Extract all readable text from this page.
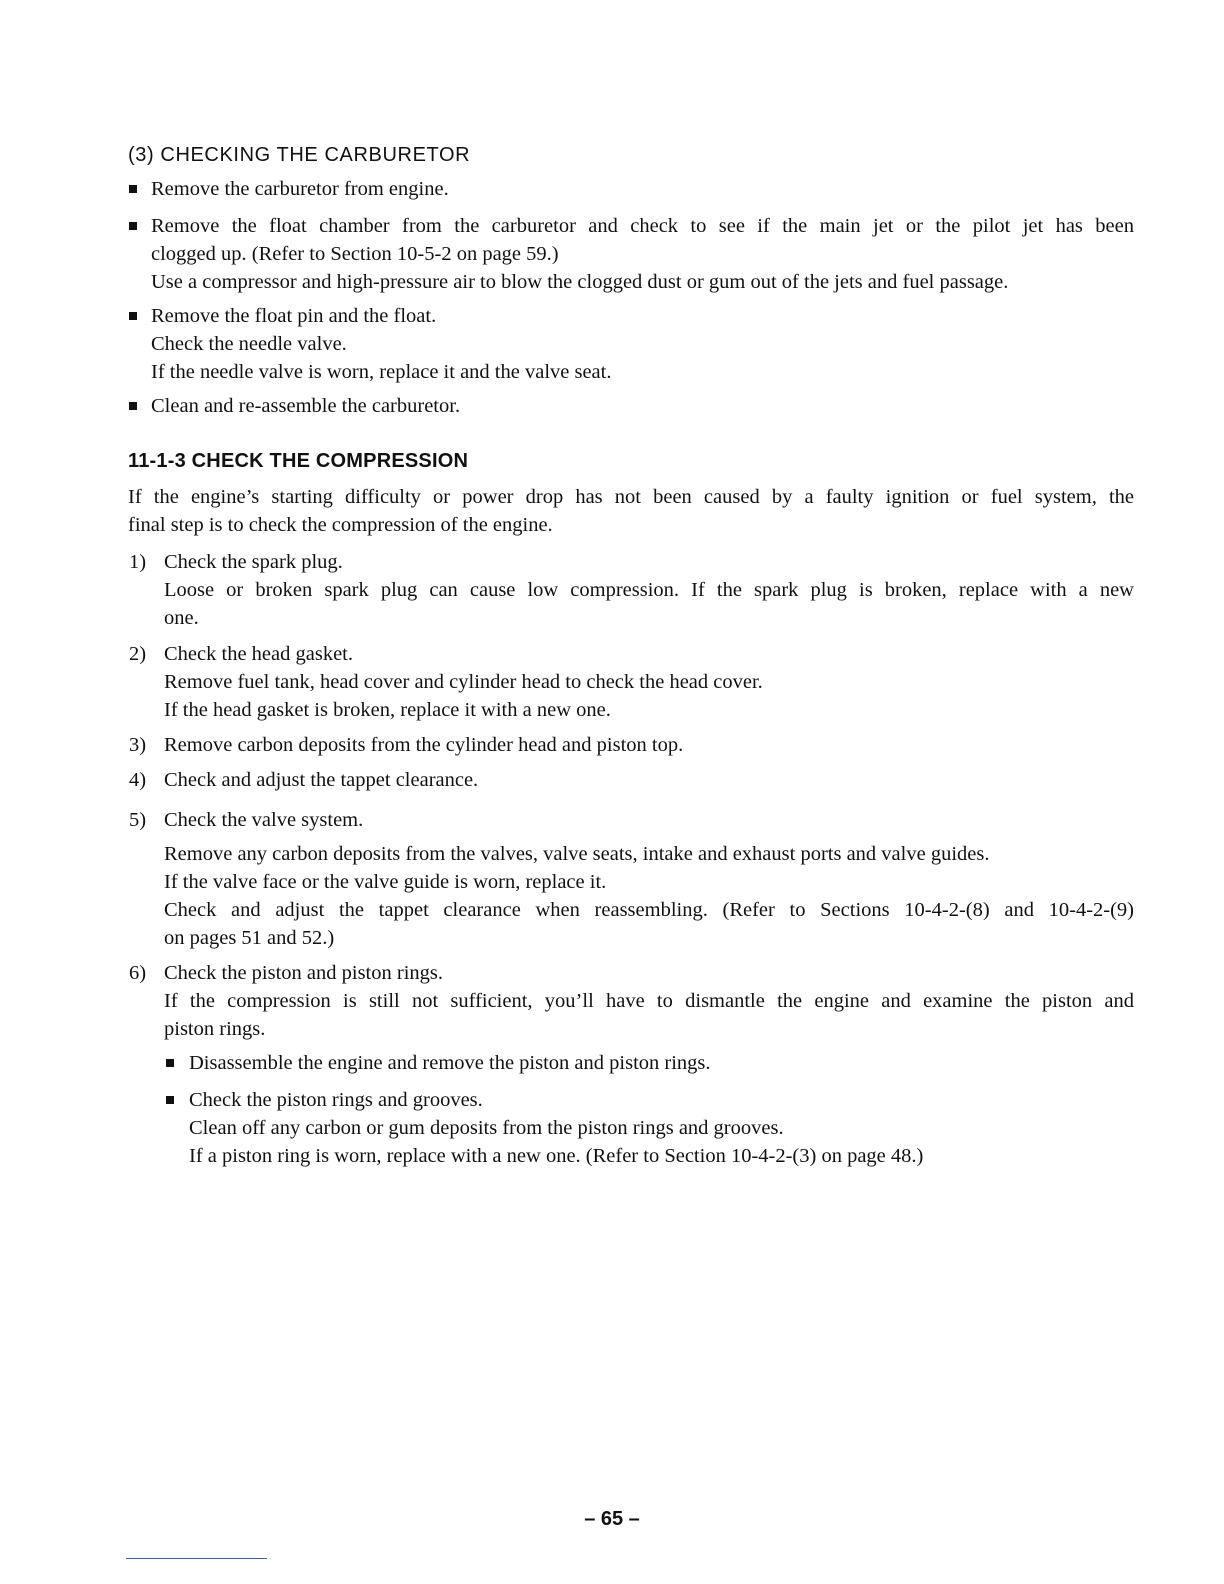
(3) CHECKING THE CARBURETOR
Remove the carburetor from engine.
Remove the float chamber from the carburetor and check to see if the main jet or the pilot jet has been
clogged up. (Refer to Section 10-5-2 on page 59.)
Use a compressor and high-pressure air to blow the clogged dust or gum out of the jets and fuel passage.
Remove the float pin and the float.
Check the needle valve.
If the needle valve is worn, replace it and the valve seat.
Clean and re-assemble the carburetor.
11-1-3 CHECK THE COMPRESSION
If the engine’s starting difficulty or power drop has not been caused by a faulty ignition or fuel system, the
final step is to check the compression of the engine.
1) Check the spark plug.
Loose or broken spark plug can cause low compression. If the spark plug is broken, replace with a new
one.
2) Check the head gasket.
Remove fuel tank, head cover and cylinder head to check the head cover.
If the head gasket is broken, replace it with a new one.
3) Remove carbon deposits from the cylinder head and piston top.
4) Check and adjust the tappet clearance.
5) Check the valve system.
Remove any carbon deposits from the valves, valve seats, intake and exhaust ports and valve guides.
If the valve face or the valve guide is worn, replace it.
Check and adjust the tappet clearance when reassembling. (Refer to Sections 10-4-2-(8) and 10-4-2-(9)
on pages 51 and 52.)
6) Check the piston and piston rings.
If the compression is still not sufficient, you’ll have to dismantle the engine and examine the piston and
piston rings.
Disassemble the engine and remove the piston and piston rings.
Check the piston rings and grooves.
Clean off any carbon or gum deposits from the piston rings and grooves.
If a piston ring is worn, replace with a new one. (Refer to Section 10-4-2-(3) on page 48.)
– 65 –
